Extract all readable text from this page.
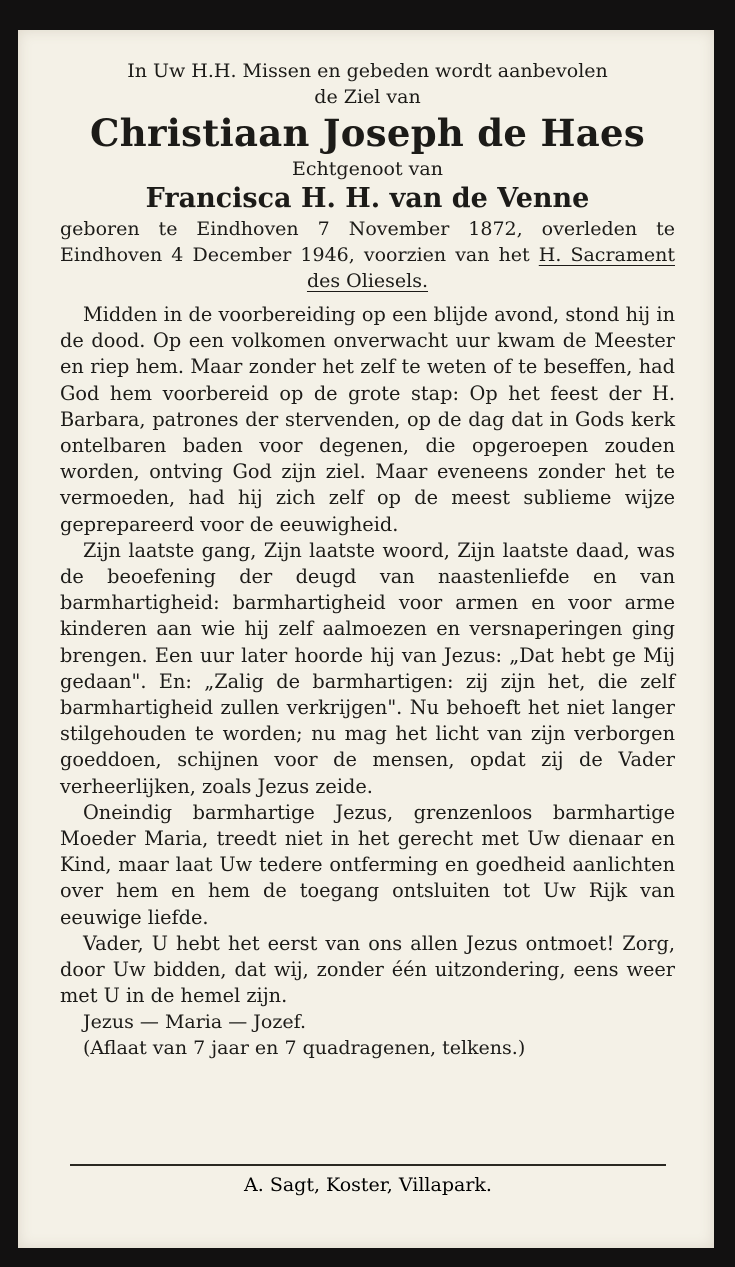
In Uw H.H. Missen en gebeden wordt aanbevolen

de Ziel van

Christiaan Joseph de Haes

Echtgenoot van

Francisca H. H. van de Venne

geboren te Eindhoven 7 November 1872, overleden te Eindhoven 4 December 1946, voorzien van het H. Sacrament des Oliesels.

Midden in de voorbereiding op een blijde avond, stond hij in de dood. Op een volkomen onverwacht uur kwam de Meester en riep hem. Maar zonder het zelf te weten of te beseffen, had God hem voorbereid op de grote stap: Op het feest der H. Barbara, patrones der stervenden, op de dag dat in Gods kerk ontelbaren baden voor degenen, die opgeroepen zouden worden, ontving God zijn ziel. Maar eveneens zonder het te vermoeden, had hij zich zelf op de meest sublieme wijze geprepareerd voor de eeuwigheid.

Zijn laatste gang, Zijn laatste woord, Zijn laatste daad, was de beoefening der deugd van naastenliefde en van barmhartigheid: barmhartigheid voor armen en voor arme kinderen aan wie hij zelf aalmoezen en versnaperingen ging brengen. Een uur later hoorde hij van Jezus: „Dat hebt ge Mij gedaan". En: „Zalig de barmhartigen: zij zijn het, die zelf barmhartigheid zullen verkrijgen". Nu behoeft het niet langer stilgehouden te worden; nu mag het licht van zijn verborgen goeddoen, schijnen voor de mensen, opdat zij de Vader verheerlijken, zoals Jezus zeide.

Oneindig barmhartige Jezus, grenzenloos barmhartige Moeder Maria, treedt niet in het gerecht met Uw dienaar en Kind, maar laat Uw tedere ontferming en goedheid aanlichten over hem en hem de toegang ontsluiten tot Uw Rijk van eeuwige liefde.

Vader, U hebt het eerst van ons allen Jezus ontmoet! Zorg, door Uw bidden, dat wij, zonder één uitzondering, eens weer met U in de hemel zijn.

Jezus — Maria — Jozef.

(Aflaat van 7 jaar en 7 quadragenen, telkens.)

A. Sagt, Koster, Villapark.
